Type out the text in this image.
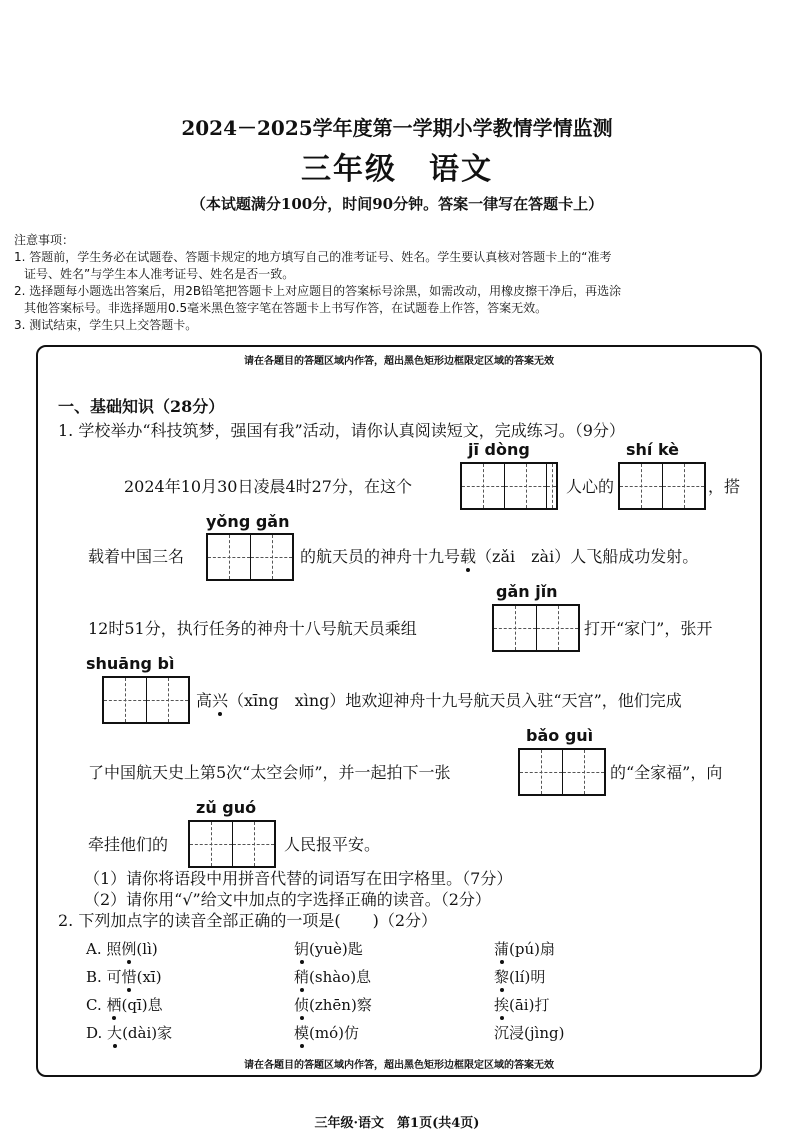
2024－2025学年度第一学期小学教情学情监测
三年级　语文
（本试题满分100分，时间90分钟。答案一律写在答题卡上）
注意事项：
1. 答题前，学生务必在试题卷、答题卡规定的地方填写自己的准考证号、姓名。学生要认真核对答题卡上的“准考
证号、姓名”与学生本人准考证号、姓名是否一致。
2. 选择题每小题选出答案后，用2B铅笔把答题卡上对应题目的答案标号涂黑，如需改动，用橡皮擦干净后，再选涂
其他答案标号。非选择题用0.5毫米黑色签字笔在答题卡上书写作答，在试题卷上作答，答案无效。
3. 测试结束，学生只上交答题卡。
请在各题目的答题区域内作答，超出黑色矩形边框限定区域的答案无效
请在各题目的答题区域内作答，超出黑色矩形边框限定区域的答案无效
一、基础知识（28分）
1. 学校举办“科技筑梦，强国有我”活动，请你认真阅读短文，完成练习。（9分）
jī dòng	shí kè
2024年10月30日凌晨4时27分，在这个	人心的	，搭
yǒng gǎn
载着中国三名	的航天员的神舟十九号载（zǎi　zài）人飞船成功发射。
gǎn jǐn
12时51分，执行任务的神舟十八号航天员乘组	打开“家门”，张开
shuāng bì
高兴（xīng　xìng）地欢迎神舟十九号航天员入驻“天宫”，他们完成
bǎo guì
了中国航天史上第5次“太空会师”，并一起拍下一张	的“全家福”，向
zǔ guó
牵挂他们的	人民报平安。
（1）请你将语段中用拼音代替的词语写在田字格里。（7分）
（2）请你用“√”给文中加点的字选择正确的读音。（2分）
2. 下列加点字的读音全部正确的一项是(　　)（2分）
A. 照例(lì)	钥(yuè)匙	蒲(pú)扇
B. 可惜(xī)	稍(shào)息	黎(lí)明
C. 栖(qī)息	侦(zhēn)察	挨(āi)打
D. 大(dài)家	模(mó)仿	沉浸(jìng)
三年级·语文　第1页(共4页)
